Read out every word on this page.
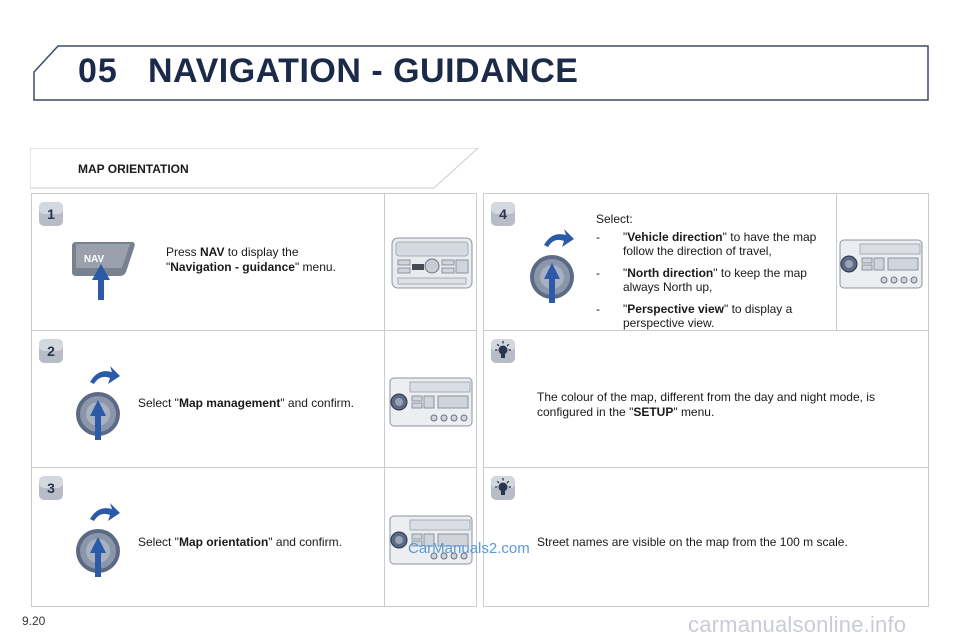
05 NAVIGATION - GUIDANCE
MAP ORIENTATION
1
NAV
Press NAV to display the
"Navigation - guidance" menu.
2
Select "Map management" and confirm.
3
Select "Map orientation" and confirm.	CarManuals2.com
4	Select:
- "Vehicle direction" to have the map follow the direction of travel,
- "North direction" to keep the map always North up,
- "Perspective view" to display a perspective view.
The colour of the map, different from the day and night mode, is configured in the "SETUP" menu.
Street names are visible on the map from the 100 m scale.
9.20	carmanualsonline.info
